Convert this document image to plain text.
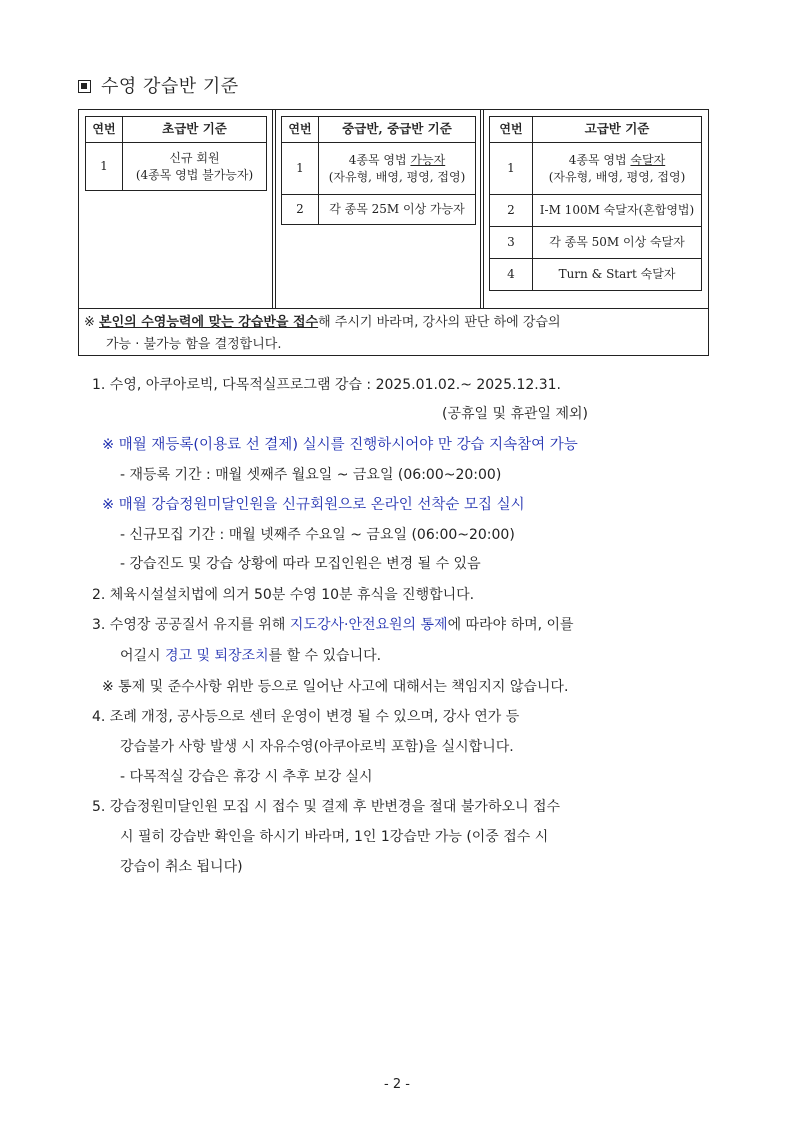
수영 강습반 기준
연번	초급반 기준
1	신규 회원
(4종목 영법 불가능자)
연번	중급반, 중급반 기준
1	4종목 영법 가능자
(자유형, 배영, 평영, 접영)
2	각 종목 25M 이상 가능자
연번	고급반 기준
1	4종목 영법 숙달자
(자유형, 배영, 평영, 접영)
2	I-M 100M 숙달자(혼합영법)
3	각 종목 50M 이상 숙달자
4	Turn & Start 숙달자
※ 본인의 수영능력에 맞는 강습반을 접수해 주시기 바라며, 강사의 판단 하에 강습의
가능 · 불가능 함을 결정합니다.
1. 수영, 아쿠아로빅, 다목적실프로그램 강습 : 2025.01.02.~ 2025.12.31.
(공휴일 및 휴관일 제외)
※ 매월 재등록(이용료 선 결제) 실시를 진행하시어야 만 강습 지속참여 가능
- 재등록 기간 : 매월 셋째주 월요일 ~ 금요일 (06:00~20:00)
※ 매월 강습정원미달인원을 신규회원으로 온라인 선착순 모집 실시
- 신규모집 기간 : 매월 넷째주 수요일 ~ 금요일 (06:00~20:00)
- 강습진도 및 강습 상황에 따라 모집인원은 변경 될 수 있음
2. 체육시설설치법에 의거 50분 수영 10분 휴식을 진행합니다.
3. 수영장 공공질서 유지를 위해 지도강사·안전요원의 통제에 따라야 하며, 이를
어길시 경고 및 퇴장조치를 할 수 있습니다.
※ 통제 및 준수사항 위반 등으로 일어난 사고에 대해서는 책임지지 않습니다.
4. 조례 개정, 공사등으로 센터 운영이 변경 될 수 있으며, 강사 연가 등
강습불가 사항 발생 시 자유수영(아쿠아로빅 포함)을 실시합니다.
- 다목적실 강습은 휴강 시 추후 보강 실시
5. 강습정원미달인원 모집 시 접수 및 결제 후 반변경을 절대 불가하오니 접수
시 필히 강습반 확인을 하시기 바라며, 1인 1강습만 가능 (이중 접수 시
강습이 취소 됩니다)
- 2 -
